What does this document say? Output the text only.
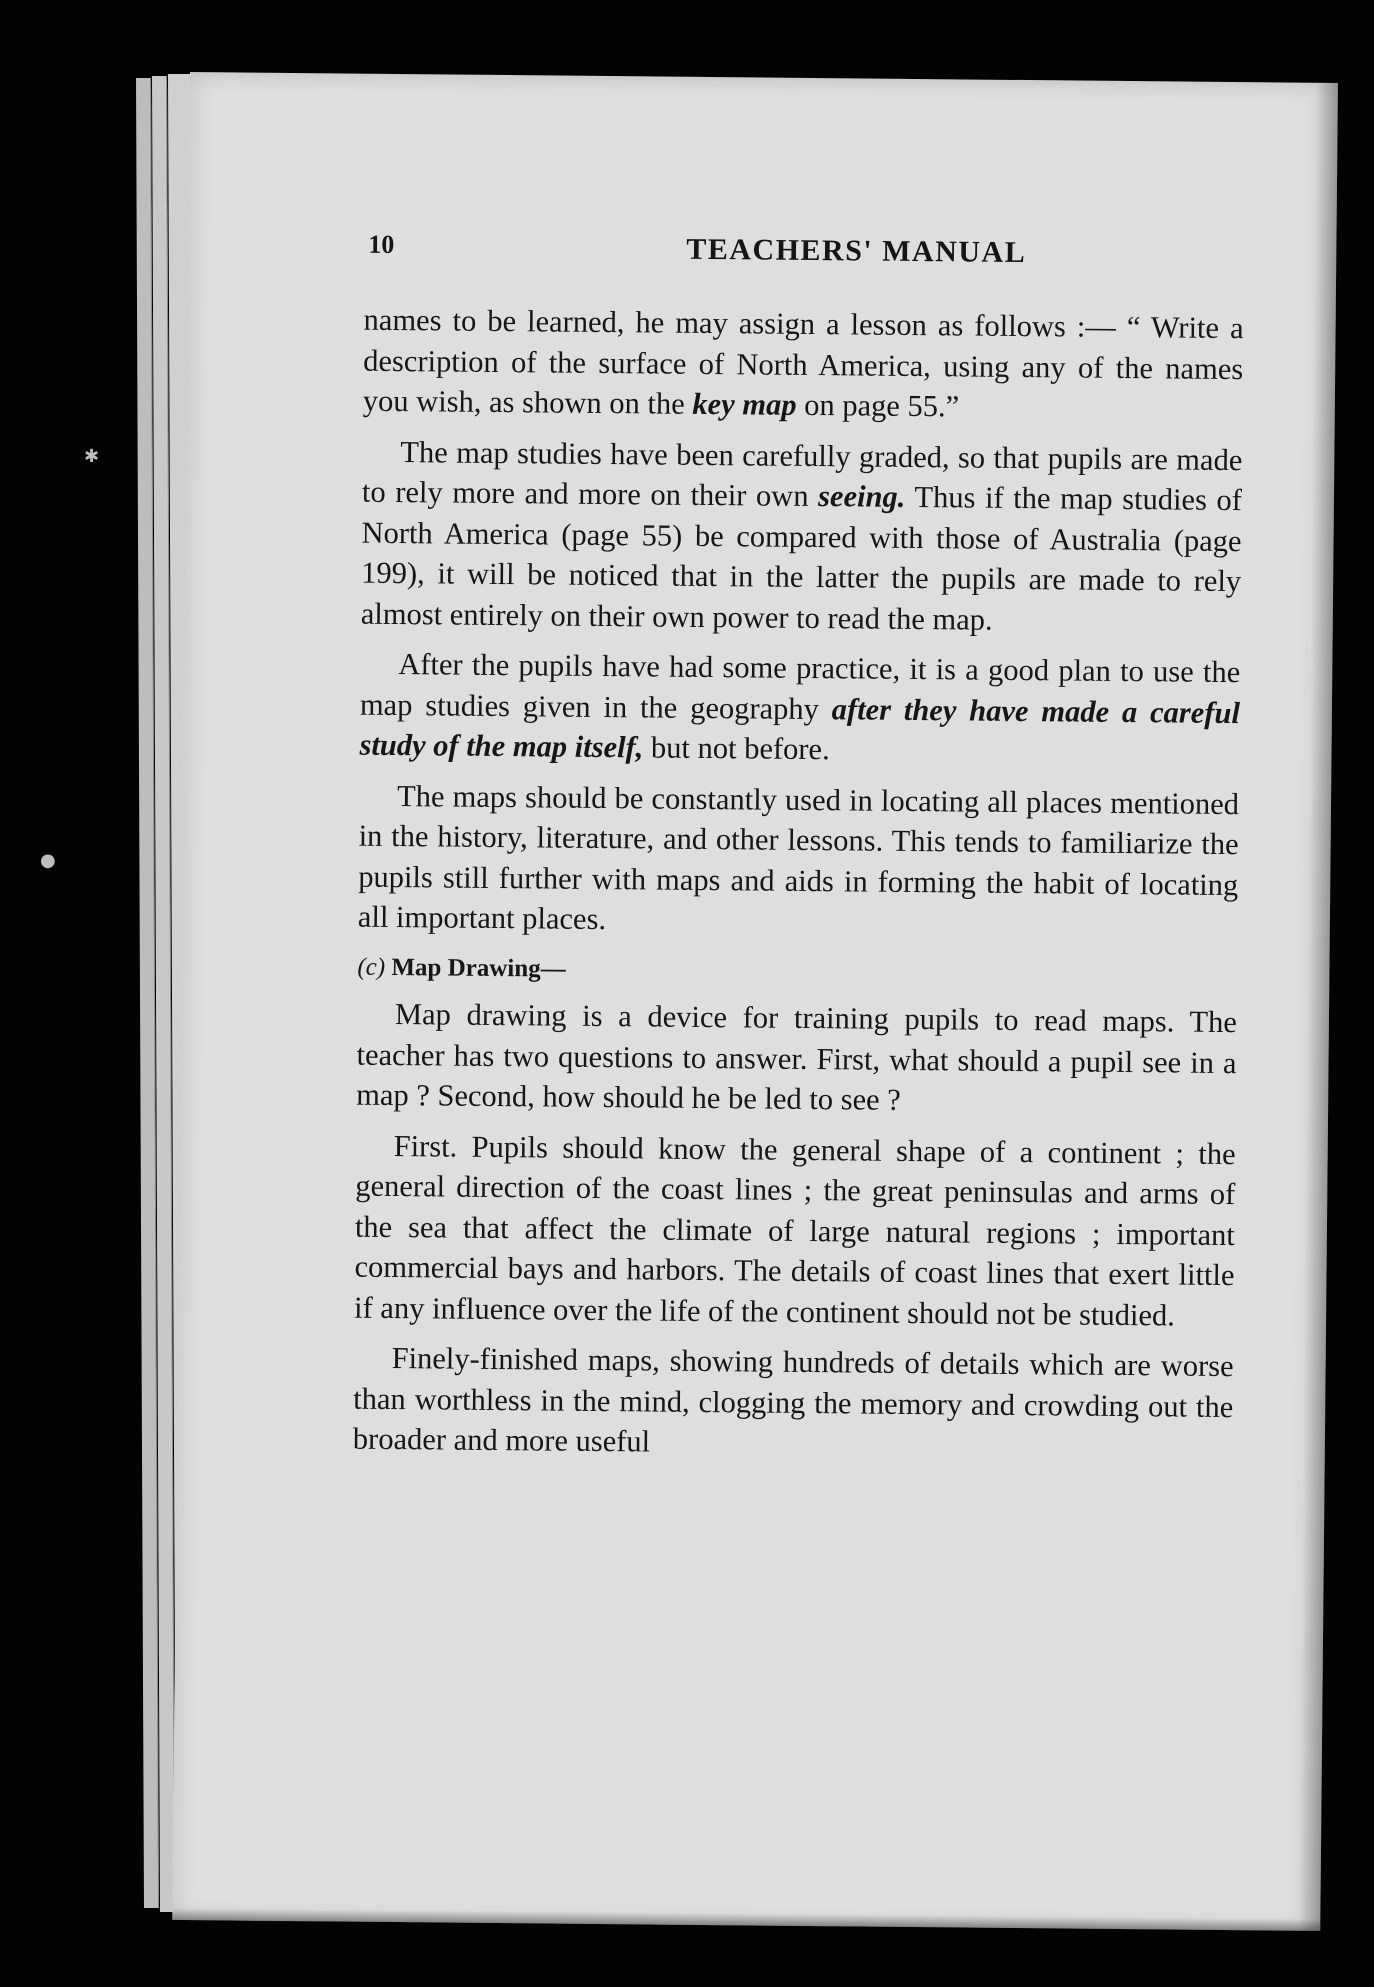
✱
●
10	TEACHERS' MANUAL

names to be learned, he may assign a lesson as follows :— “ Write a description of the surface of North America, using any of the names you wish, as shown on the key map on page 55.”

The map studies have been carefully graded, so that pupils are made to rely more and more on their own seeing. Thus if the map studies of North America (page 55) be compared with those of Australia (page 199), it will be noticed that in the latter the pupils are made to rely almost entirely on their own power to read the map.

After the pupils have had some practice, it is a good plan to use the map studies given in the geography after they have made a careful study of the map itself, but not before.

The maps should be constantly used in locating all places mentioned in the history, literature, and other lessons. This tends to familiarize the pupils still further with maps and aids in forming the habit of locating all important places.

(c) Map Drawing—

Map drawing is a device for training pupils to read maps. The teacher has two questions to answer. First, what should a pupil see in a map ? Second, how should he be led to see ?

First. Pupils should know the general shape of a continent ; the general direction of the coast lines ; the great peninsulas and arms of the sea that affect the climate of large natural regions ; important commercial bays and harbors. The details of coast lines that exert little if any influence over the life of the continent should not be studied.

Finely-finished maps, showing hundreds of details which are worse than worthless in the mind, clogging the memory and crowding out the broader and more useful
